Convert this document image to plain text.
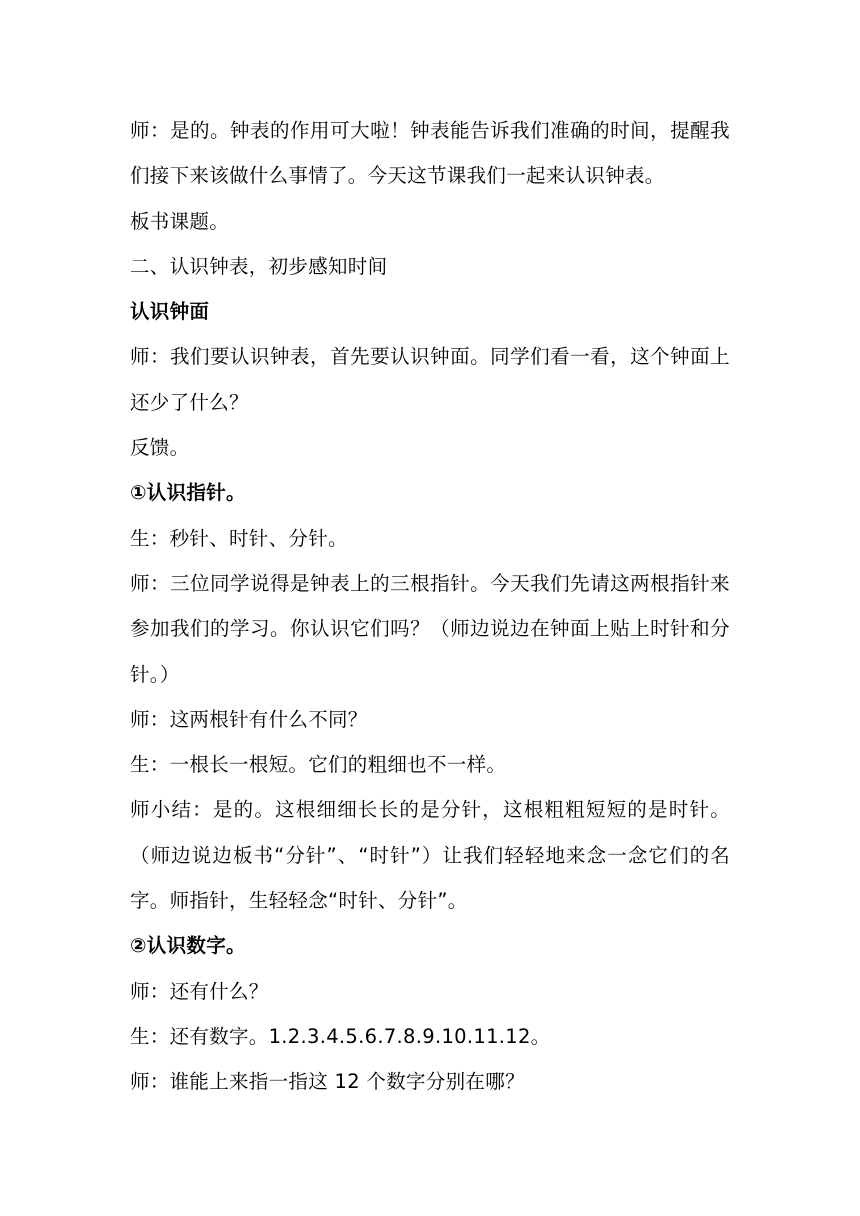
师：是的。钟表的作用可大啦！钟表能告诉我们准确的时间，提醒我们接下来该做什么事情了。今天这节课我们一起来认识钟表。

板书课题。

二、认识钟表，初步感知时间

认识钟面

师：我们要认识钟表，首先要认识钟面。同学们看一看，这个钟面上还少了什么？

反馈。

①认识指针。

生：秒针、时针、分针。

师：三位同学说得是钟表上的三根指针。今天我们先请这两根指针来参加我们的学习。你认识它们吗？（师边说边在钟面上贴上时针和分针。）

师：这两根针有什么不同？

生：一根长一根短。它们的粗细也不一样。

师小结：是的。这根细细长长的是分针，这根粗粗短短的是时针。（师边说边板书“分针”、“时针”）让我们轻轻地来念一念它们的名字。师指针，生轻轻念“时针、分针”。

②认识数字。

师：还有什么？

生：还有数字。1.2.3.4.5.6.7.8.9.10.11.12。

师：谁能上来指一指这 12 个数字分别在哪？
